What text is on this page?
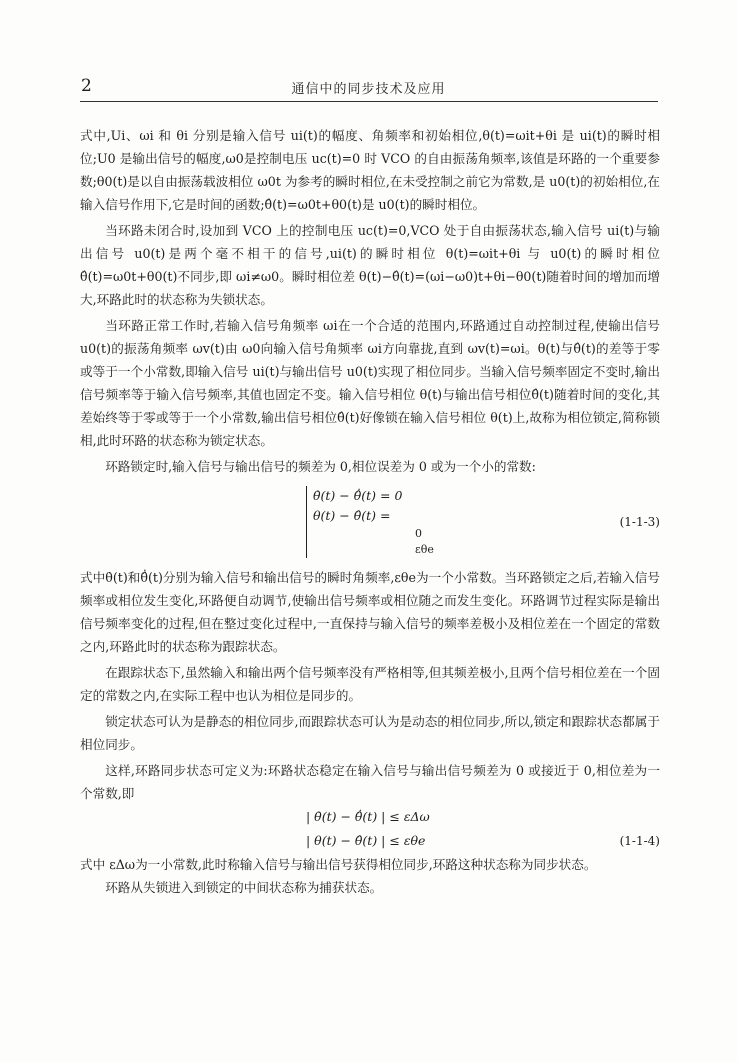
2	通信中的同步技术及应用

式中,Ui、ωi 和 θi 分别是输入信号 ui(t)的幅度、角频率和初始相位,θ(t)=ωit+θi 是 ui(t)的瞬时相位;U0 是输出信号的幅度,ω0是控制电压 uc(t)=0 时 VCO 的自由振荡角频率,该值是环路的一个重要参数;θ0(t)是以自由振荡载波相位 ω0t 为参考的瞬时相位,在未受控制之前它为常数,是 u0(t)的初始相位,在输入信号作用下,它是时间的函数;θ̂(t)=ω0t+θ0(t)是 u0(t)的瞬时相位。

当环路未闭合时,设加到 VCO 上的控制电压 uc(t)=0,VCO 处于自由振荡状态,输入信号 ui(t)与输出信号 u0(t)是两个毫不相干的信号,ui(t)的瞬时相位 θ(t)=ωit+θi 与 u0(t)的瞬时相位θ̂(t)=ω0t+θ0(t)不同步,即 ωi≠ω0。瞬时相位差 θ(t)−θ̂(t)=(ωi−ω0)t+θi−θ0(t)随着时间的增加而增大,环路此时的状态称为失锁状态。

当环路正常工作时,若输入信号角频率 ωi在一个合适的范围内,环路通过自动控制过程,使输出信号 u0(t)的振荡角频率 ωv(t)由 ω0向输入信号角频率 ωi方向靠拢,直到 ωv(t)=ωi。θ(t)与θ̂(t)的差等于零或等于一个小常数,即输入信号 ui(t)与输出信号 u0(t)实现了相位同步。当输入信号频率固定不变时,输出信号频率等于输入信号频率,其值也固定不变。输入信号相位 θ(t)与输出信号相位θ̂(t)随着时间的变化,其差始终等于零或等于一个小常数,输出信号相位θ̂(t)好像锁在输入信号相位 θ(t)上,故称为相位锁定,简称锁相,此时环路的状态称为锁定状态。

环路锁定时,输入信号与输出信号的频差为 0,相位误差为 0 或为一个小的常数:

θ̇(t) − θ̂̇(t) = 0
θ(t) − θ̂(t) =
0
εθe
(1-1-3)

式中θ̇(t)和θ̂̇(t)分别为输入信号和输出信号的瞬时角频率,εθe为一个小常数。当环路锁定之后,若输入信号频率或相位发生变化,环路便自动调节,使输出信号频率或相位随之而发生变化。环路调节过程实际是输出信号频率变化的过程,但在整过变化过程中,一直保持与输入信号的频率差极小及相位差在一个固定的常数之内,环路此时的状态称为跟踪状态。

在跟踪状态下,虽然输入和输出两个信号频率没有严格相等,但其频差极小,且两个信号相位差在一个固定的常数之内,在实际工程中也认为相位是同步的。

锁定状态可认为是静态的相位同步,而跟踪状态可认为是动态的相位同步,所以,锁定和跟踪状态都属于相位同步。

这样,环路同步状态可定义为:环路状态稳定在输入信号与输出信号频差为 0 或接近于 0,相位差为一个常数,即

| θ̇(t) − θ̂̇(t) | ≤ εΔω
| θ(t) − θ̂(t) | ≤ εθe	(1-1-4)

式中 εΔω为一小常数,此时称输入信号与输出信号获得相位同步,环路这种状态称为同步状态。

环路从失锁进入到锁定的中间状态称为捕获状态。
